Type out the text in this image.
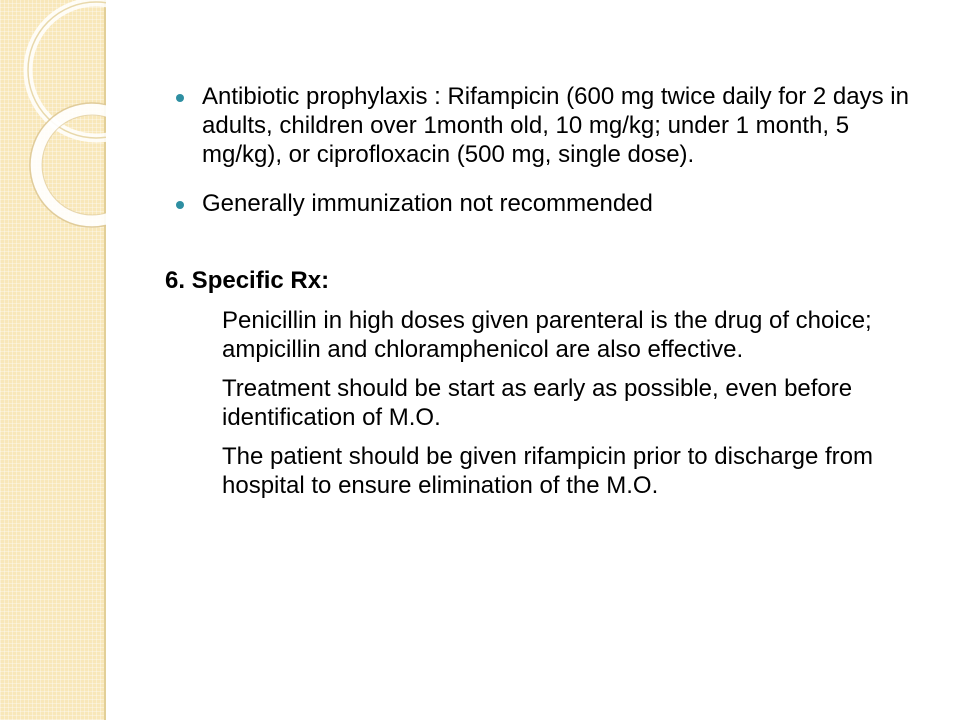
Antibiotic prophylaxis : Rifampicin (600 mg twice daily for 2 days in adults, children over 1month old, 10 mg/kg; under 1 month, 5 mg/kg), or ciprofloxacin (500 mg, single dose).
Generally immunization not recommended
6. Specific Rx:
Penicillin in high doses given parenteral is the drug of choice; ampicillin and chloramphenicol are also effective.
Treatment should be start as early as possible, even before identification of M.O.
The patient should be given rifampicin prior to discharge from hospital to ensure elimination of the M.O.
